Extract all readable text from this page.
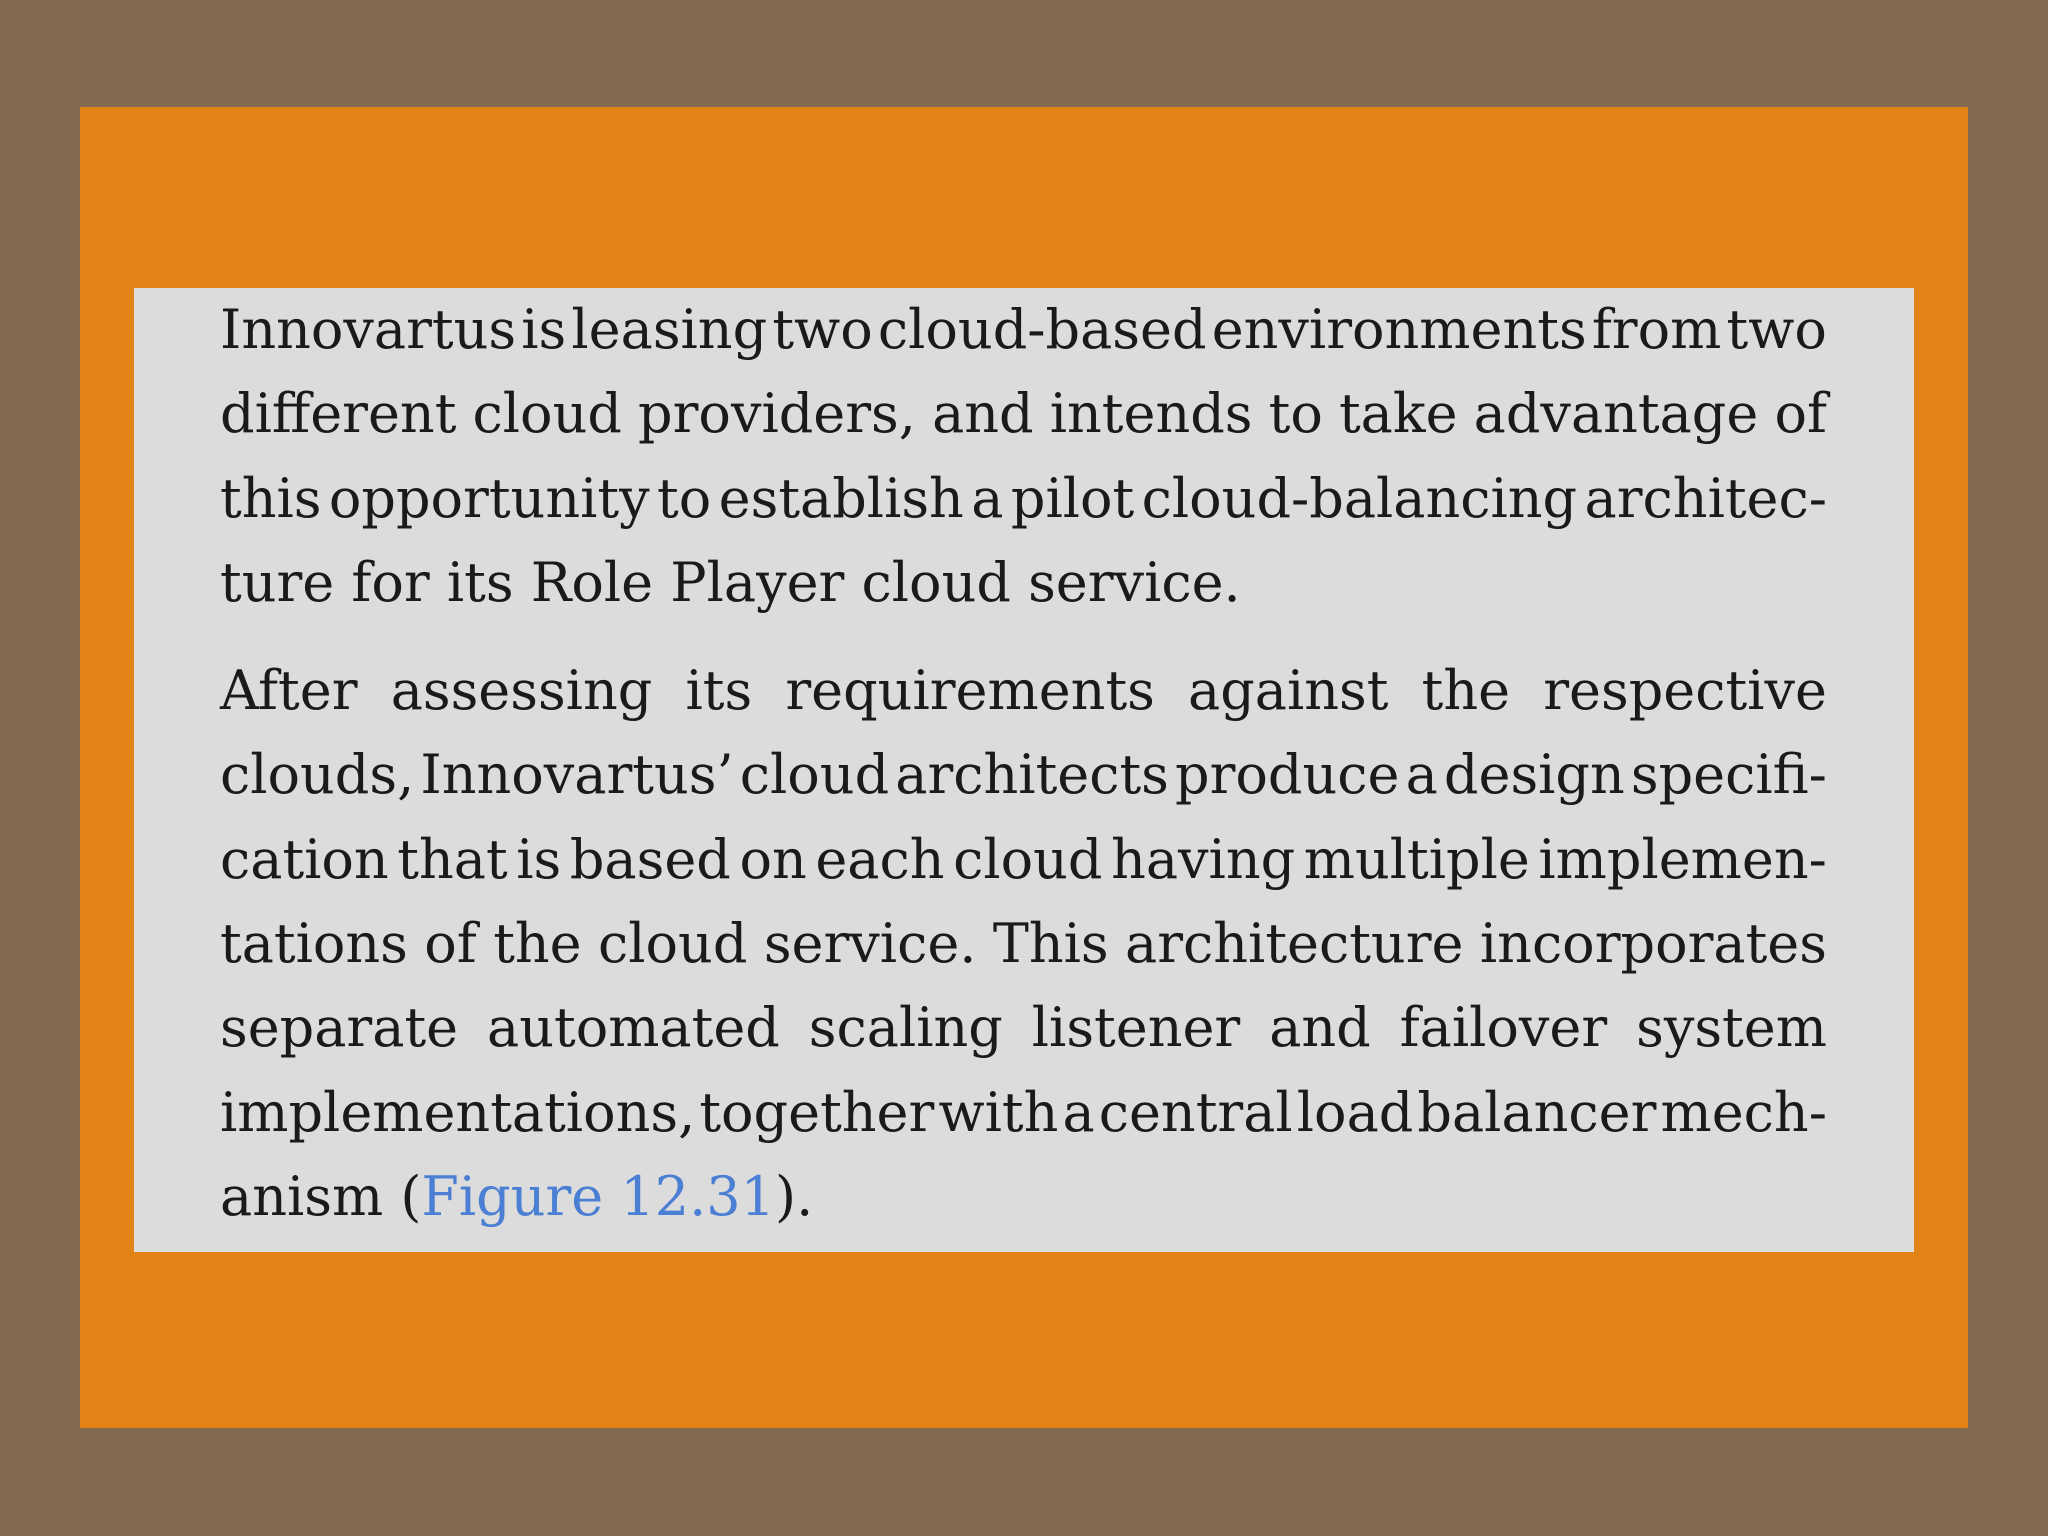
Innovartus is leasing two cloud-based environments from two
different cloud providers, and intends to take advantage of
this opportunity to establish a pilot cloud-balancing architec-
ture for its Role Player cloud service.
After assessing its requirements against the respective
clouds, Innovartus’ cloud architects produce a design specifi-
cation that is based on each cloud having multiple implemen-
tations of the cloud service. This architecture incorporates
separate automated scaling listener and failover system
implementations, together with a central load balancer mech-
anism ( Figure 12.31 ).
